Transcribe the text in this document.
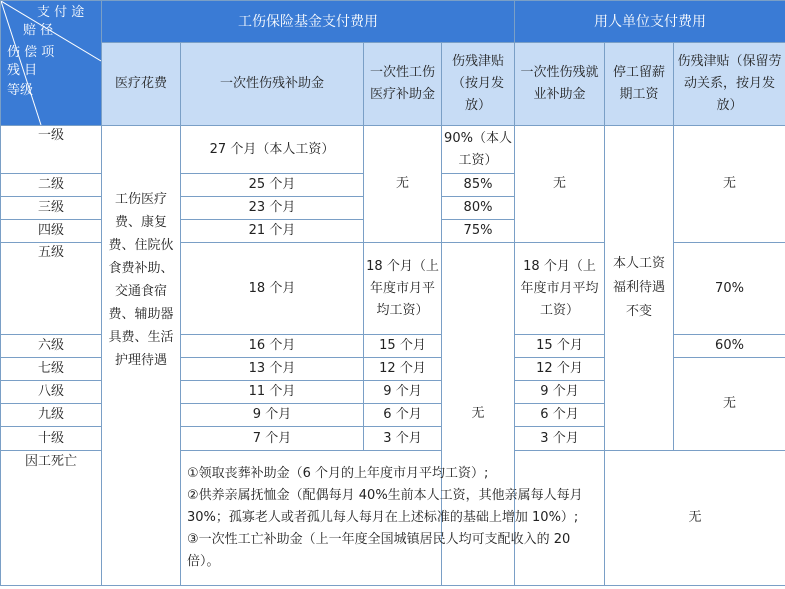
支 付 途
赔 径
伤 偿 项
残 目
等级	工伤保险基金支付费用				用人单位支付费用		
	医疗花费	一次性伤残补助金	一次性工伤医疗补助金	伤残津贴（按月发放）	一次性伤残就业补助金	停工留薪期工资	伤残津贴（保留劳动关系，按月发放）
一级	工伤医疗费、康复费、住院伙食费补助、交通食宿费、辅助器具费、生活护理待遇	27 个月（本人工资）	无	90%（本人工资）	无	本人工资福利待遇不变	无
二级		25 个月		85%			
三级		23 个月		80%			
四级		21 个月		75%			
五级		18 个月	18 个月（上年度市月平均工资）	无	18 个月（上年度市月平均工资）		70%
六级		16 个月	15 个月		15 个月		60%
七级		13 个月	12 个月		12 个月		无
八级		11 个月	9 个月		9 个月		
九级		9 个月	6 个月		6 个月		
十级		7 个月	3 个月		3 个月		
因工死亡		①领取丧葬补助金（6 个月的上年度市月平均工资）;

②供养亲属抚恤金（配偶每月 40%生前本人工资，其他亲属每人每月 30%；孤寡老人或者孤儿每人每月在上述标准的基础上增加 10%）;

③一次性工亡补助金（上一年度全国城镇居民人均可支配收入的 20 倍）。				无	
